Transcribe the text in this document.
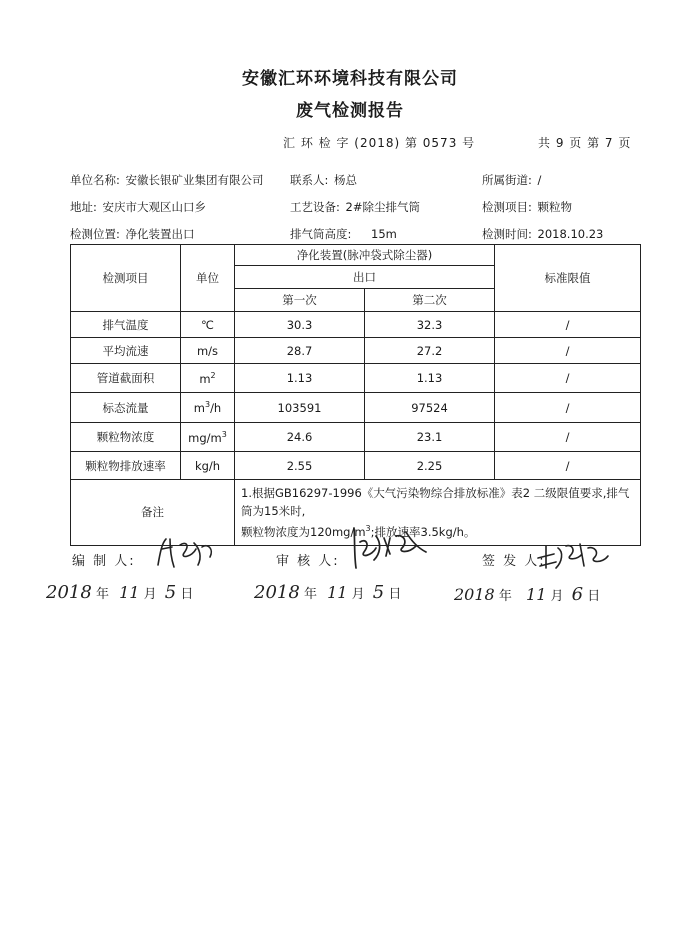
安徽汇环环境科技有限公司
废气检测报告
汇 环 检 字 (2018) 第 0573 号	共 9 页 第 7 页
单位名称: 安徽长银矿业集团有限公司 联系人: 杨总	所属街道: /
地址: 安庆市大观区山口乡	工艺设备: 2#除尘排气筒	检测项目: 颗粒物
检测位置: 净化装置出口	排气筒高度: 15m	检测时间: 2018.10.23
检测项目	单位	净化装置(脉冲袋式除尘器)		标准限值
		出口		
		第一次	第二次	
排气温度	℃	30.3	32.3	/
平均流速	m/s	28.7	27.2	/
管道截面积	$m^2$	1.13	1.13	/
标态流量	$m^3/h$	103591	97524	/
颗粒物浓度	$mg/m^3$	24.6	23.1	/
颗粒物排放速率	kg/h	2.55	2.25	/
备注		1.根据GB16297-1996《大气污染物综合排放标准》表2 二级限值要求,排气筒为15米时,
颗粒物浓度为$120mg/m^3$;排放速率3.5kg/h。		
编 制 人:	审 核 人:	签 发 人:
2018 年 11 月 5 日	2018 年 11 月 5 日	2018 年 11 月 6 日
